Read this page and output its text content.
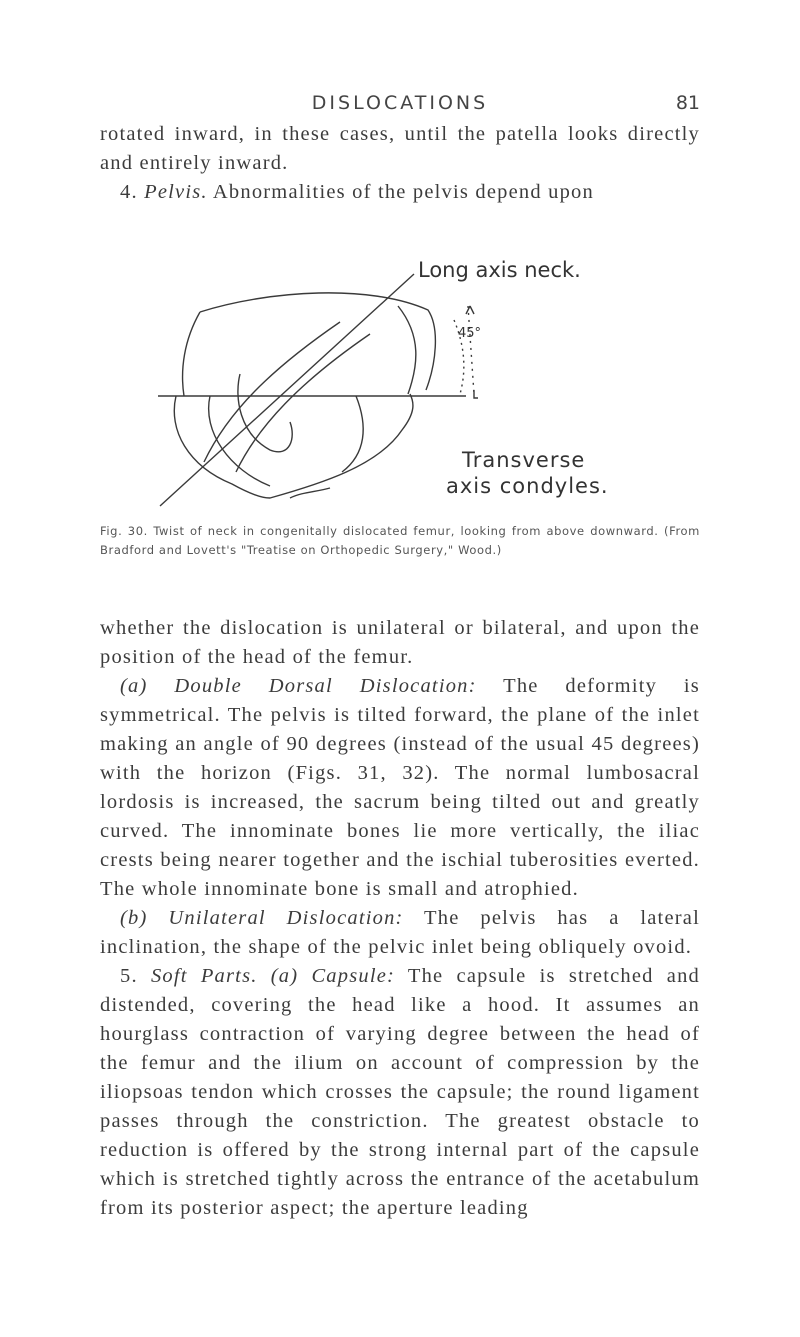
DISLOCATIONS	81

rotated inward, in these cases, until the patella looks directly and entirely inward.

4. Pelvis. Abnormalities of the pelvis depend upon

Long axis neck.
45°
Transverse
axis condyles.
Fig. 30. Twist of neck in congenitally dislocated femur, looking from above downward. (From Bradford and Lovett's "Treatise on Orthopedic Surgery," Wood.)

whether the dislocation is unilateral or bilateral, and upon the position of the head of the femur.

(a) Double Dorsal Dislocation: The deformity is symmetrical. The pelvis is tilted forward, the plane of the inlet making an angle of 90 degrees (instead of the usual 45 degrees) with the horizon (Figs. 31, 32). The normal lumbosacral lordosis is increased, the sacrum being tilted out and greatly curved. The innominate bones lie more vertically, the iliac crests being nearer together and the ischial tuberosities everted. The whole innominate bone is small and atrophied.

(b) Unilateral Dislocation: The pelvis has a lateral inclination, the shape of the pelvic inlet being obliquely ovoid.

5. Soft Parts. (a) Capsule: The capsule is stretched and distended, covering the head like a hood. It assumes an hourglass contraction of varying degree between the head of the femur and the ilium on account of compression by the iliopsoas tendon which crosses the capsule; the round ligament passes through the constriction. The greatest obstacle to reduction is offered by the strong internal part of the capsule which is stretched tightly across the entrance of the acetabulum from its posterior aspect; the aperture leading
